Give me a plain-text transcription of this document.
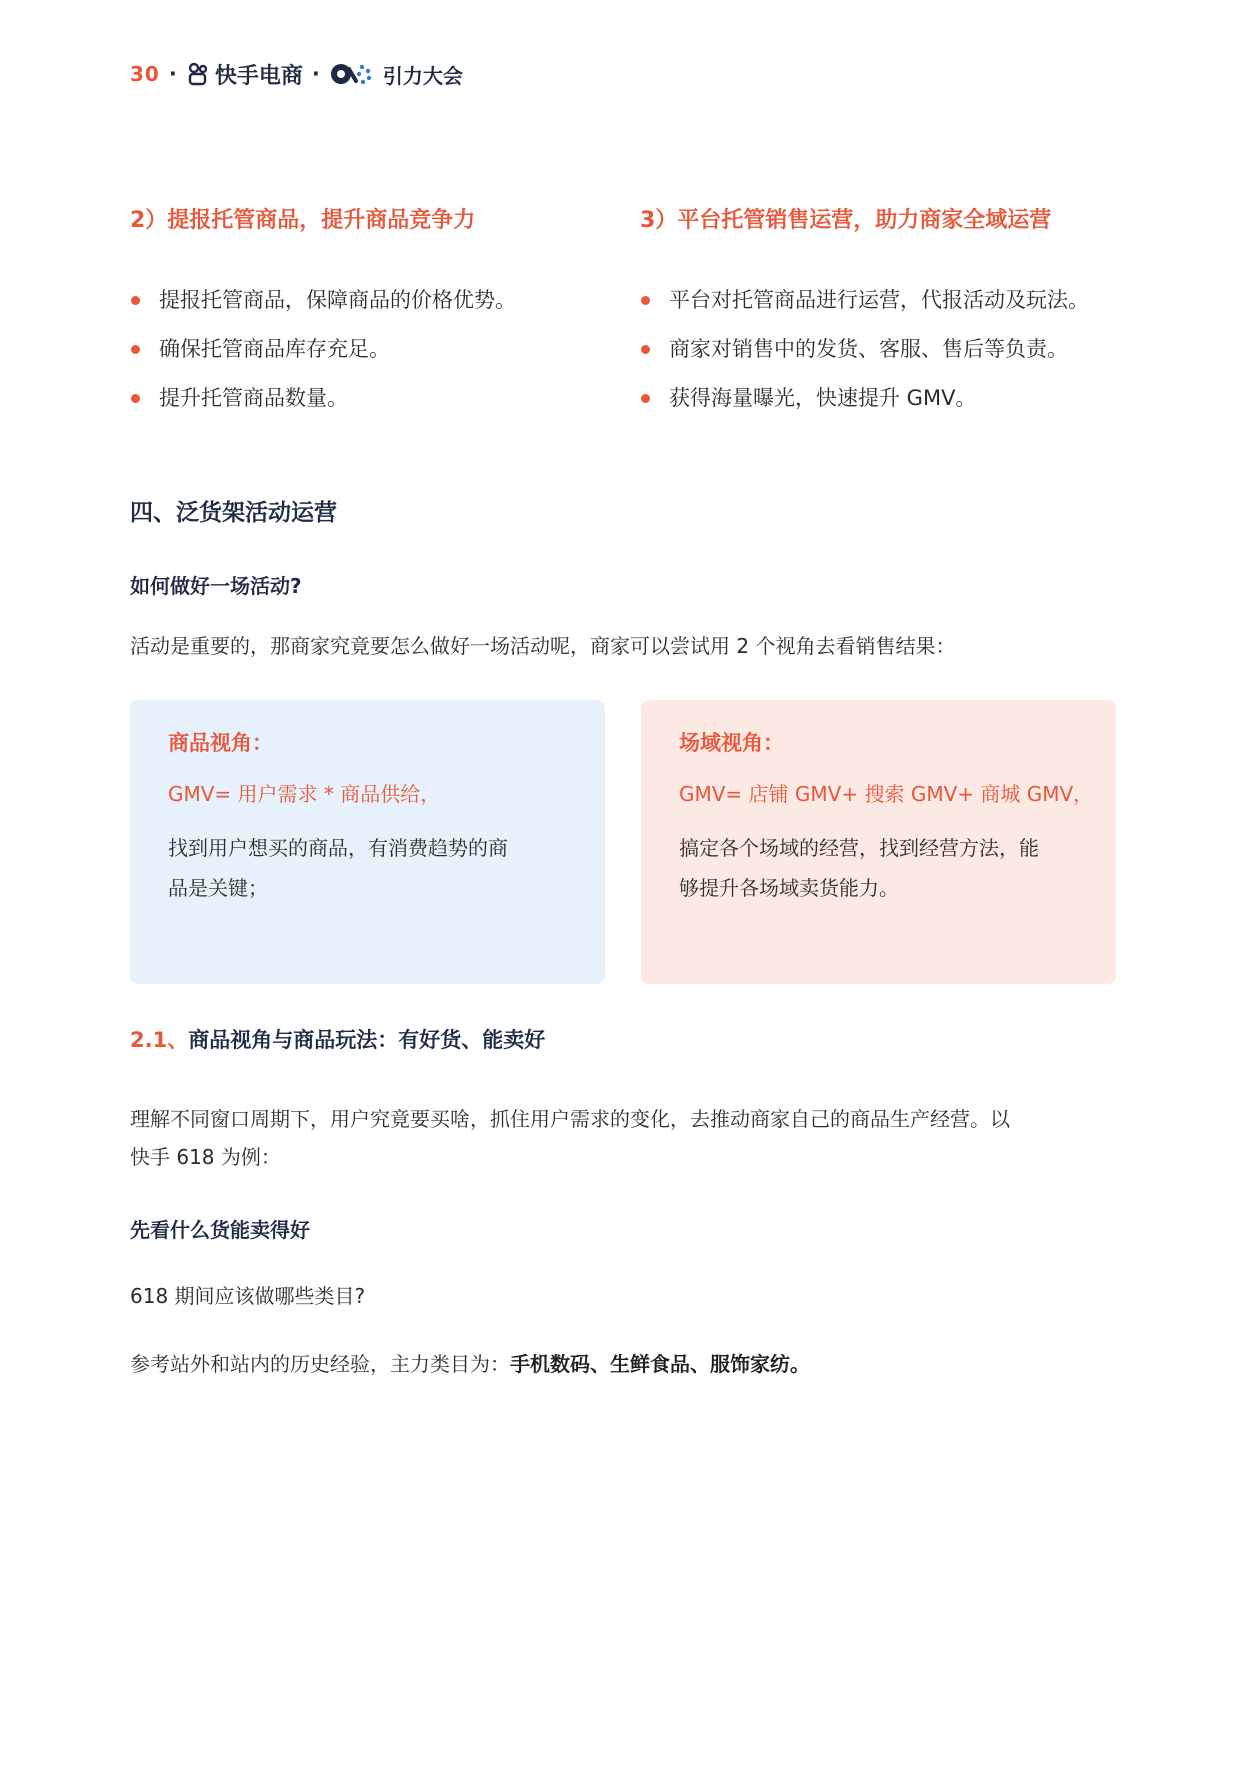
30 · 快手电商 ·	引力大会
2）提报托管商品，提升商品竞争力
提报托管商品，保障商品的价格优势。
确保托管商品库存充足。
提升托管商品数量。
3）平台托管销售运营，助力商家全域运营
平台对托管商品进行运营，代报活动及玩法。
商家对销售中的发货、客服、售后等负责。
获得海量曝光，快速提升 GMV。
四、泛货架活动运营
如何做好一场活动?
活动是重要的，那商家究竟要怎么做好一场活动呢，商家可以尝试用 2 个视角去看销售结果：
商品视角：
GMV= 用户需求 * 商品供给，
找到用户想买的商品，有消费趋势的商
品是关键；
场域视角：
GMV= 店铺 GMV+ 搜索 GMV+ 商城 GMV，
搞定各个场域的经营，找到经营方法，能
够提升各场域卖货能力。
2.1、商品视角与商品玩法：有好货、能卖好
理解不同窗口周期下，用户究竟要买啥，抓住用户需求的变化，去推动商家自己的商品生产经营。以
快手 618 为例：
先看什么货能卖得好
618 期间应该做哪些类目?
参考站外和站内的历史经验，主力类目为：手机数码、生鲜食品、服饰家纺。
